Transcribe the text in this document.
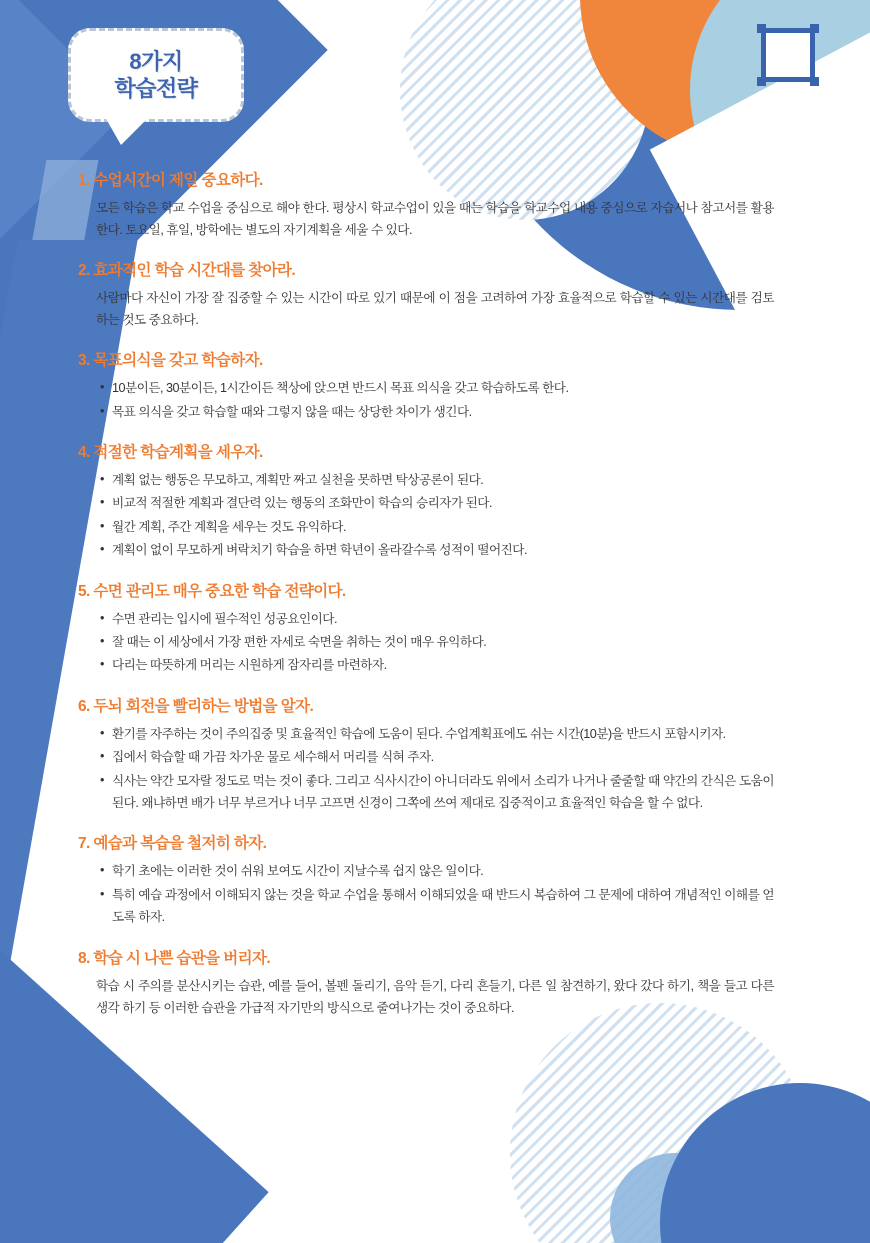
8가지
학습전략
1. 수업시간이 제일 중요하다.

모든 학습은 학교 수업을 중심으로 해야 한다. 평상시 학교수업이 있을 때는 학습을 학교수업 내용 중심으로 자습서나 참고서를 활용한다. 토요일, 휴일, 방학에는 별도의 자기계획을 세울 수 있다.

2. 효과적인 학습 시간대를 찾아라.

사람마다 자신이 가장 잘 집중할 수 있는 시간이 따로 있기 때문에 이 점을 고려하여 가장 효율적으로 학습할 수 있는 시간대를 검토하는 것도 중요하다.

3. 목표의식을 갖고 학습하자.
• 10분이든, 30분이든, 1시간이든 책상에 앉으면 반드시 목표 의식을 갖고 학습하도록 한다.
• 목표 의식을 갖고 학습할 때와 그렇지 않을 때는 상당한 차이가 생긴다.
4. 적절한 학습계획을 세우자.
• 계획 없는 행동은 무모하고, 계획만 짜고 실천을 못하면 탁상공론이 된다.
• 비교적 적절한 계획과 결단력 있는 행동의 조화만이 학습의 승리자가 된다.
• 월간 계획, 주간 계획을 세우는 것도 유익하다.
• 계획이 없이 무모하게 벼락치기 학습을 하면 학년이 올라갈수록 성적이 떨어진다.
5. 수면 관리도 매우 중요한 학습 전략이다.
• 수면 관리는 입시에 필수적인 성공요인이다.
• 잘 때는 이 세상에서 가장 편한 자세로 숙면을 취하는 것이 매우 유익하다.
• 다리는 따뜻하게 머리는 시원하게 잠자리를 마련하자.
6. 두뇌 회전을 빨리하는 방법을 알자.
• 환기를 자주하는 것이 주의집중 및 효율적인 학습에 도움이 된다. 수업계획표에도 쉬는 시간(10분)을 반드시 포함시키자.
• 집에서 학습할 때 가끔 차가운 물로 세수해서 머리를 식혀 주자.
• 식사는 약간 모자랄 정도로 먹는 것이 좋다. 그리고 식사시간이 아니더라도 위에서 소리가 나거나 줄줄할 때 약간의 간식은 도움이 된다. 왜냐하면 배가 너무 부르거나 너무 고프면 신경이 그쪽에 쓰여 제대로 집중적이고 효율적인 학습을 할 수 없다.
7. 예습과 복습을 철저히 하자.
• 학기 초에는 이러한 것이 쉬워 보여도 시간이 지날수록 쉽지 않은 일이다.
• 특히 예습 과정에서 이해되지 않는 것을 학교 수업을 통해서 이해되었을 때 반드시 복습하여 그 문제에 대하여 개념적인 이해를 얻도록 하자.
8. 학습 시 나쁜 습관을 버리자.

학습 시 주의를 분산시키는 습관, 예를 들어, 볼펜 돌리기, 음악 듣기, 다리 흔들기, 다른 일 참견하기, 왔다 갔다 하기, 책을 들고 다른 생각 하기 등 이러한 습관을 가급적 자기만의 방식으로 줄여나가는 것이 중요하다.
